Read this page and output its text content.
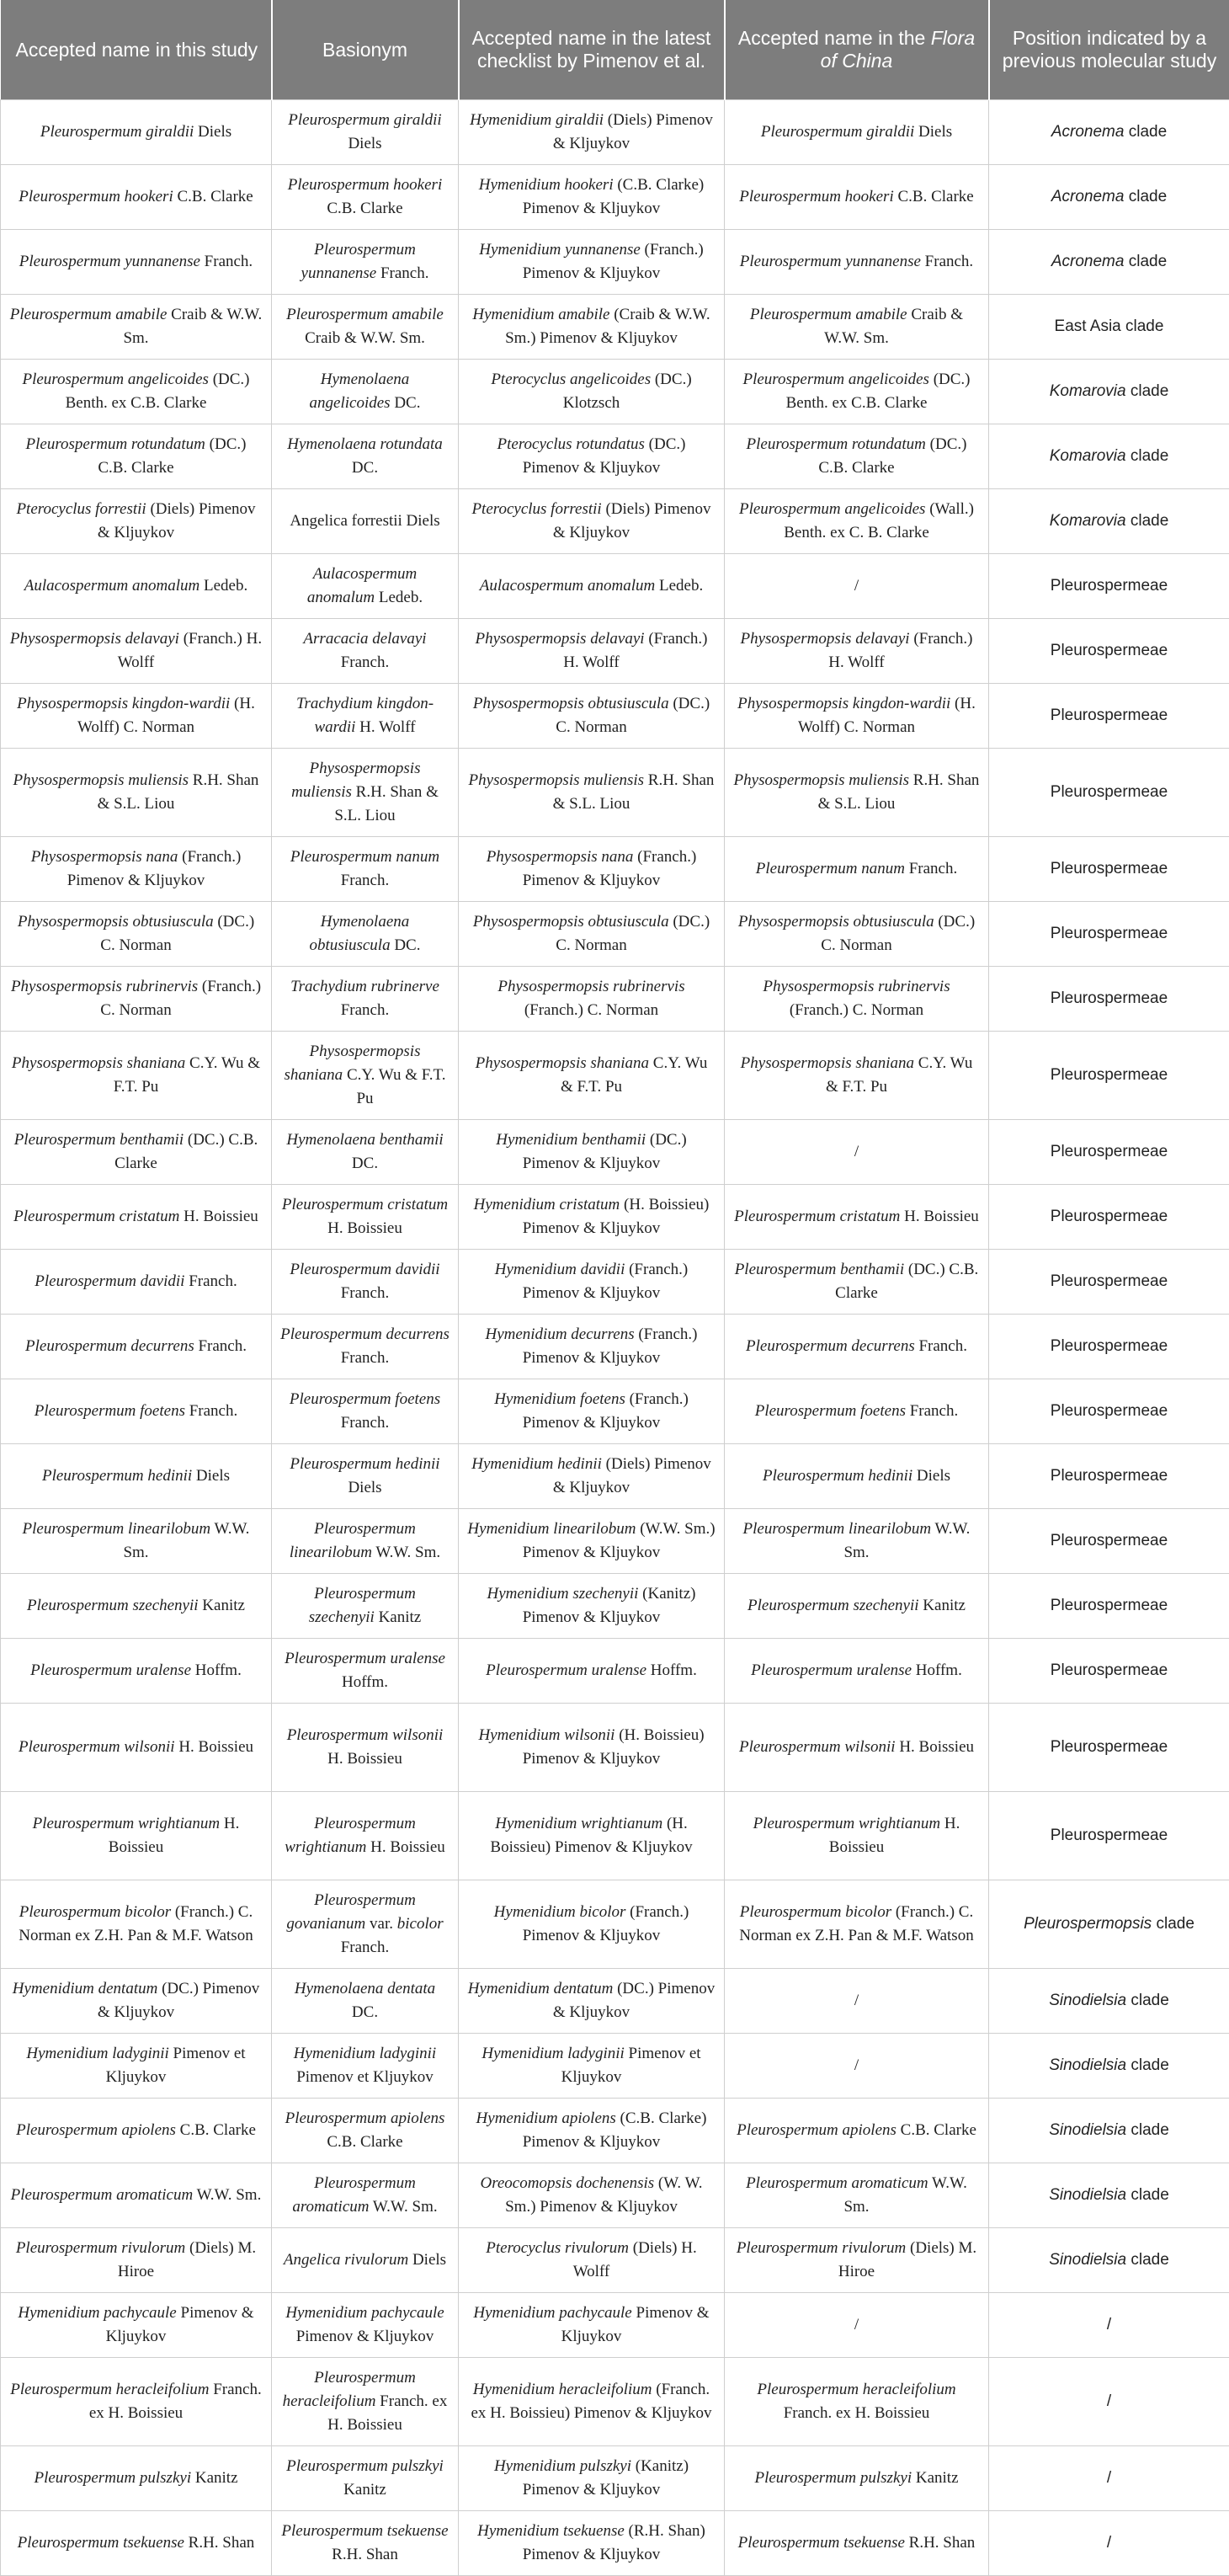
Accepted name in this study	Basionym	Accepted name in the latest checklist by Pimenov et al.	Accepted name in the Flora of China	Position indicated by a previous molecular study
Pleurospermum giraldii Diels	Pleurospermum giraldii Diels	Hymenidium giraldii (Diels) Pimenov & Kljuykov	Pleurospermum giraldii Diels	Acronema clade
Pleurospermum hookeri C.B. Clarke	Pleurospermum hookeri C.B. Clarke	Hymenidium hookeri (C.B. Clarke) Pimenov & Kljuykov	Pleurospermum hookeri C.B. Clarke	Acronema clade
Pleurospermum yunnanense Franch.	Pleurospermum yunnanense Franch.	Hymenidium yunnanense (Franch.) Pimenov & Kljuykov	Pleurospermum yunnanense Franch.	Acronema clade
Pleurospermum amabile Craib & W.W. Sm.	Pleurospermum amabile Craib & W.W. Sm.	Hymenidium amabile (Craib & W.W. Sm.) Pimenov & Kljuykov	Pleurospermum amabile Craib & W.W. Sm.	East Asia clade
Pleurospermum angelicoides (DC.) Benth. ex C.B. Clarke	Hymenolaena angelicoides DC.	Pterocyclus angelicoides (DC.) Klotzsch	Pleurospermum angelicoides (DC.) Benth. ex C.B. Clarke	Komarovia clade
Pleurospermum rotundatum (DC.) C.B. Clarke	Hymenolaena rotundata DC.	Pterocyclus rotundatus (DC.) Pimenov & Kljuykov	Pleurospermum rotundatum (DC.) C.B. Clarke	Komarovia clade
Pterocyclus forrestii (Diels) Pimenov & Kljuykov	Angelica forrestii Diels	Pterocyclus forrestii (Diels) Pimenov & Kljuykov	Pleurospermum angelicoides (Wall.) Benth. ex C. B. Clarke	Komarovia clade
Aulacospermum anomalum Ledeb.	Aulacospermum anomalum Ledeb.	Aulacospermum anomalum Ledeb.	/	Pleurospermeae
Physospermopsis delavayi (Franch.) H. Wolff	Arracacia delavayi Franch.	Physospermopsis delavayi (Franch.) H. Wolff	Physospermopsis delavayi (Franch.) H. Wolff	Pleurospermeae
Physospermopsis kingdon-wardii (H. Wolff) C. Norman	Trachydium kingdon-wardii H. Wolff	Physospermopsis obtusiuscula (DC.) C. Norman	Physospermopsis kingdon-wardii (H. Wolff) C. Norman	Pleurospermeae
Physospermopsis muliensis R.H. Shan & S.L. Liou	Physospermopsis muliensis R.H. Shan & S.L. Liou	Physospermopsis muliensis R.H. Shan & S.L. Liou	Physospermopsis muliensis R.H. Shan & S.L. Liou	Pleurospermeae
Physospermopsis nana (Franch.) Pimenov & Kljuykov	Pleurospermum nanum Franch.	Physospermopsis nana (Franch.) Pimenov & Kljuykov	Pleurospermum nanum Franch.	Pleurospermeae
Physospermopsis obtusiuscula (DC.) C. Norman	Hymenolaena obtusiuscula DC.	Physospermopsis obtusiuscula (DC.) C. Norman	Physospermopsis obtusiuscula (DC.) C. Norman	Pleurospermeae
Physospermopsis rubrinervis (Franch.) C. Norman	Trachydium rubrinerve Franch.	Physospermopsis rubrinervis (Franch.) C. Norman	Physospermopsis rubrinervis (Franch.) C. Norman	Pleurospermeae
Physospermopsis shaniana C.Y. Wu & F.T. Pu	Physospermopsis shaniana C.Y. Wu & F.T. Pu	Physospermopsis shaniana C.Y. Wu & F.T. Pu	Physospermopsis shaniana C.Y. Wu & F.T. Pu	Pleurospermeae
Pleurospermum benthamii (DC.) C.B. Clarke	Hymenolaena benthamii DC.	Hymenidium benthamii (DC.) Pimenov & Kljuykov	/	Pleurospermeae
Pleurospermum cristatum H. Boissieu	Pleurospermum cristatum H. Boissieu	Hymenidium cristatum (H. Boissieu) Pimenov & Kljuykov	Pleurospermum cristatum H. Boissieu	Pleurospermeae
Pleurospermum davidii Franch.	Pleurospermum davidii Franch.	Hymenidium davidii (Franch.) Pimenov & Kljuykov	Pleurospermum benthamii (DC.) C.B. Clarke	Pleurospermeae
Pleurospermum decurrens Franch.	Pleurospermum decurrens Franch.	Hymenidium decurrens (Franch.) Pimenov & Kljuykov	Pleurospermum decurrens Franch.	Pleurospermeae
Pleurospermum foetens Franch.	Pleurospermum foetens Franch.	Hymenidium foetens (Franch.) Pimenov & Kljuykov	Pleurospermum foetens Franch.	Pleurospermeae
Pleurospermum hedinii Diels	Pleurospermum hedinii Diels	Hymenidium hedinii (Diels) Pimenov & Kljuykov	Pleurospermum hedinii Diels	Pleurospermeae
Pleurospermum linearilobum W.W. Sm.	Pleurospermum linearilobum W.W. Sm.	Hymenidium linearilobum (W.W. Sm.) Pimenov & Kljuykov	Pleurospermum linearilobum W.W. Sm.	Pleurospermeae
Pleurospermum szechenyii Kanitz	Pleurospermum szechenyii Kanitz	Hymenidium szechenyii (Kanitz) Pimenov & Kljuykov	Pleurospermum szechenyii Kanitz	Pleurospermeae
Pleurospermum uralense Hoffm.	Pleurospermum uralense Hoffm.	Pleurospermum uralense Hoffm.	Pleurospermum uralense Hoffm.	Pleurospermeae
Pleurospermum wilsonii H. Boissieu	Pleurospermum wilsonii H. Boissieu	Hymenidium wilsonii (H. Boissieu) Pimenov & Kljuykov	Pleurospermum wilsonii H. Boissieu	Pleurospermeae
Pleurospermum wrightianum H. Boissieu	Pleurospermum wrightianum H. Boissieu	Hymenidium wrightianum (H. Boissieu) Pimenov & Kljuykov	Pleurospermum wrightianum H. Boissieu	Pleurospermeae
Pleurospermum bicolor (Franch.) C. Norman ex Z.H. Pan & M.F. Watson	Pleurospermum govanianum var. bicolor Franch.	Hymenidium bicolor (Franch.) Pimenov & Kljuykov	Pleurospermum bicolor (Franch.) C. Norman ex Z.H. Pan & M.F. Watson	Pleurospermopsis clade
Hymenidium dentatum (DC.) Pimenov & Kljuykov	Hymenolaena dentata DC.	Hymenidium dentatum (DC.) Pimenov & Kljuykov	/	Sinodielsia clade
Hymenidium ladyginii Pimenov et Kljuykov	Hymenidium ladyginii Pimenov et Kljuykov	Hymenidium ladyginii Pimenov et Kljuykov	/	Sinodielsia clade
Pleurospermum apiolens C.B. Clarke	Pleurospermum apiolens C.B. Clarke	Hymenidium apiolens (C.B. Clarke) Pimenov & Kljuykov	Pleurospermum apiolens C.B. Clarke	Sinodielsia clade
Pleurospermum aromaticum W.W. Sm.	Pleurospermum aromaticum W.W. Sm.	Oreocomopsis dochenensis (W. W. Sm.) Pimenov & Kljuykov	Pleurospermum aromaticum W.W. Sm.	Sinodielsia clade
Pleurospermum rivulorum (Diels) M. Hiroe	Angelica rivulorum Diels	Pterocyclus rivulorum (Diels) H. Wolff	Pleurospermum rivulorum (Diels) M. Hiroe	Sinodielsia clade
Hymenidium pachycaule Pimenov & Kljuykov	Hymenidium pachycaule Pimenov & Kljuykov	Hymenidium pachycaule Pimenov & Kljuykov	/	/
Pleurospermum heracleifolium Franch. ex H. Boissieu	Pleurospermum heracleifolium Franch. ex H. Boissieu	Hymenidium heracleifolium (Franch. ex H. Boissieu) Pimenov & Kljuykov	Pleurospermum heracleifolium Franch. ex H. Boissieu	/
Pleurospermum pulszkyi Kanitz	Pleurospermum pulszkyi Kanitz	Hymenidium pulszkyi (Kanitz) Pimenov & Kljuykov	Pleurospermum pulszkyi Kanitz	/
Pleurospermum tsekuense R.H. Shan	Pleurospermum tsekuense R.H. Shan	Hymenidium tsekuense (R.H. Shan) Pimenov & Kljuykov	Pleurospermum tsekuense R.H. Shan	/
